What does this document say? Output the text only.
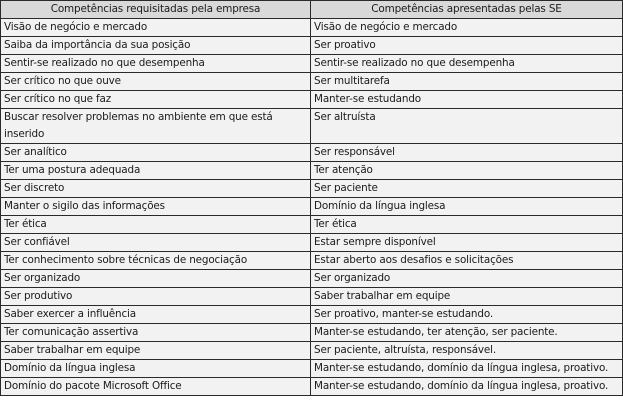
Competências requisitadas pela empresa	Competências apresentadas pelas SE
Visão de negócio e mercado	Visão de negócio e mercado
Saiba da importância da sua posição	Ser proativo
Sentir-se realizado no que desempenha	Sentir-se realizado no que desempenha
Ser crítico no que ouve	Ser multitarefa
Ser crítico no que faz	Manter-se estudando
Buscar resolver problemas no ambiente em que está inserido	Ser altruísta
Ser analítico	Ser responsável
Ter uma postura adequada	Ter atenção
Ser discreto	Ser paciente
Manter o sigilo das informações	Domínio da língua inglesa
Ter ética	Ter ética
Ser confiável	Estar sempre disponível
Ter conhecimento sobre técnicas de negociação	Estar aberto aos desafios e solicitações
Ser organizado	Ser organizado
Ser produtivo	Saber trabalhar em equipe
Saber exercer a influência	Ser proativo, manter-se estudando.
Ter comunicação assertiva	Manter-se estudando, ter atenção, ser paciente.
Saber trabalhar em equipe	Ser paciente, altruísta, responsável.
Domínio da língua inglesa	Manter-se estudando, domínio da língua inglesa, proativo.
Domínio do pacote Microsoft Office	Manter-se estudando, domínio da língua inglesa, proativo.
